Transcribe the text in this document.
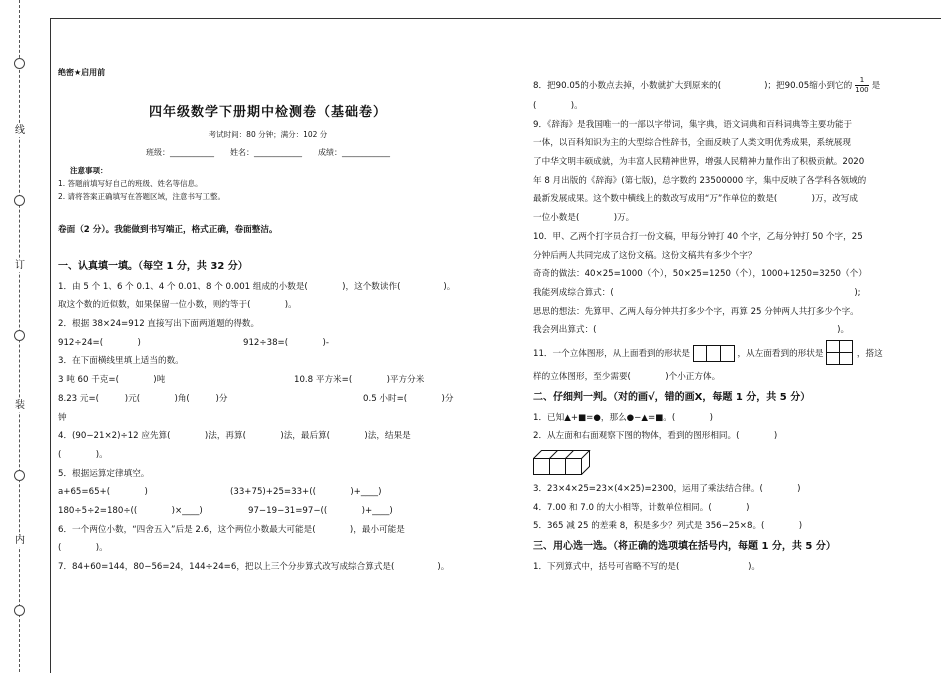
线
订
装
内
绝密★启用前
四年级数学下册期中检测卷（基础卷）
考试时间：80 分钟；满分：102 分
班级：___________　　姓名：____________　　成绩：____________
注意事项：
1. 答题前填写好自己的班级、姓名等信息。
2. 请将答案正确填写在答题区域，注意书写工整。
卷面（2 分）。我能做到书写端正，格式正确，卷面整洁。
一、认真填一填。（每空 1 分，共 32 分）
1．由 5 个 1、6 个 0.1、4 个 0.01、8 个 0.001 组成的小数是(　　　　)，这个数读作(　　　　　)。
取这个数的近似数，如果保留一位小数，则约等于(　　　　)。
2．根据 38×24=912 直接写出下面两道题的得数。
912÷24=(　　　　)	912÷38=(　　　　)-
3．在下面横线里填上适当的数。
3 吨 60 千克=(　　　　)吨	10.8 平方米=(　　　　)平方分米
8.23 元=(　　　)元(　　　　)角(　　　)分	0.5 小时=(　　　　)分
钟
4．(90−21×2)÷12 应先算(　　　　)法，再算(　　　　)法，最后算(　　　　)法，结果是
(　　　　)。
5．根据运算定律填空。
a+65=65+(　　　　)	(33+75)+25=33+((　　　　)+____)
180÷5÷2=180÷((　　　　)×____)	97−19−31=97−((　　　　)+____)
6．一个两位小数，“四舍五入”后是 2.6，这个两位小数最大可能是(　　　　)，最小可能是
(　　　　)。
7．84+60=144，80−56=24，144÷24=6，把以上三个分步算式改写成综合算式是(　　　　　)。
8．把90.05的小数点去掉，小数就扩大到原来的(　　　　　)；把90.05缩小到它的 $\frac{1}{100}$ 是
(　　　　)。
9．《辞海》是我国唯一的一部以字带词，集字典，语文词典和百科词典等主要功能于
一体，以百科知识为主的大型综合性辞书，全面反映了人类文明优秀成果，系统展现
了中华文明丰硕成就，为丰富人民精神世界，增强人民精神力量作出了积极贡献。2020
年 8 月出版的《辞海》(第七版)，总字数约 23500000 字，集中反映了各学科各领域的
最新发展成果。这个数中横线上的数改写成用“万”作单位的数是(　　　　)万，改写成
一位小数是(　　　　)万。
10．甲、乙两个打字员合打一份文稿，甲每分钟打 40 个字，乙每分钟打 50 个字，25
分钟后两人共同完成了这份文稿。这份文稿共有多少个字？
奇奇的做法：40×25=1000（个），50×25=1250（个），1000+1250=3250（个）
我能列成综合算式：(　　　　　　　　　　　　　　　　　　　　　　　　　　　　);
思思的想法：先算甲、乙两人每分钟共打多少个字，再算 25 分钟两人共打多少个字。
我会列出算式：(　　　　　　　　　　　　　　　　　　　　　　　　　　　　)。
11．一个立体图形，从上面看到的形状是	，从左面看到的形状是	，搭这
样的立体图形，至少需要(　　　　)个小正方体。
二、仔细判一判。（对的画√，错的画X，每题 1 分，共 5 分）
1．已知▲+■=●，那么●−▲=■。(　　　　)
2．从左面和右面观察下图的物体，看到的图形相同。(　　　　)
3．23×4×25=23×(4×25)=2300，运用了乘法结合律。(　　　　)
4．7.00 和 7.0 的大小相等，计数单位相同。(　　　　)
5．365 减 25 的差乘 8，积是多少？列式是 356−25×8。(　　　　)
三、用心选一选。（将正确的选项填在括号内，每题 1 分，共 5 分）
1．下列算式中，括号可省略不写的是(　　　　　　　　)。
